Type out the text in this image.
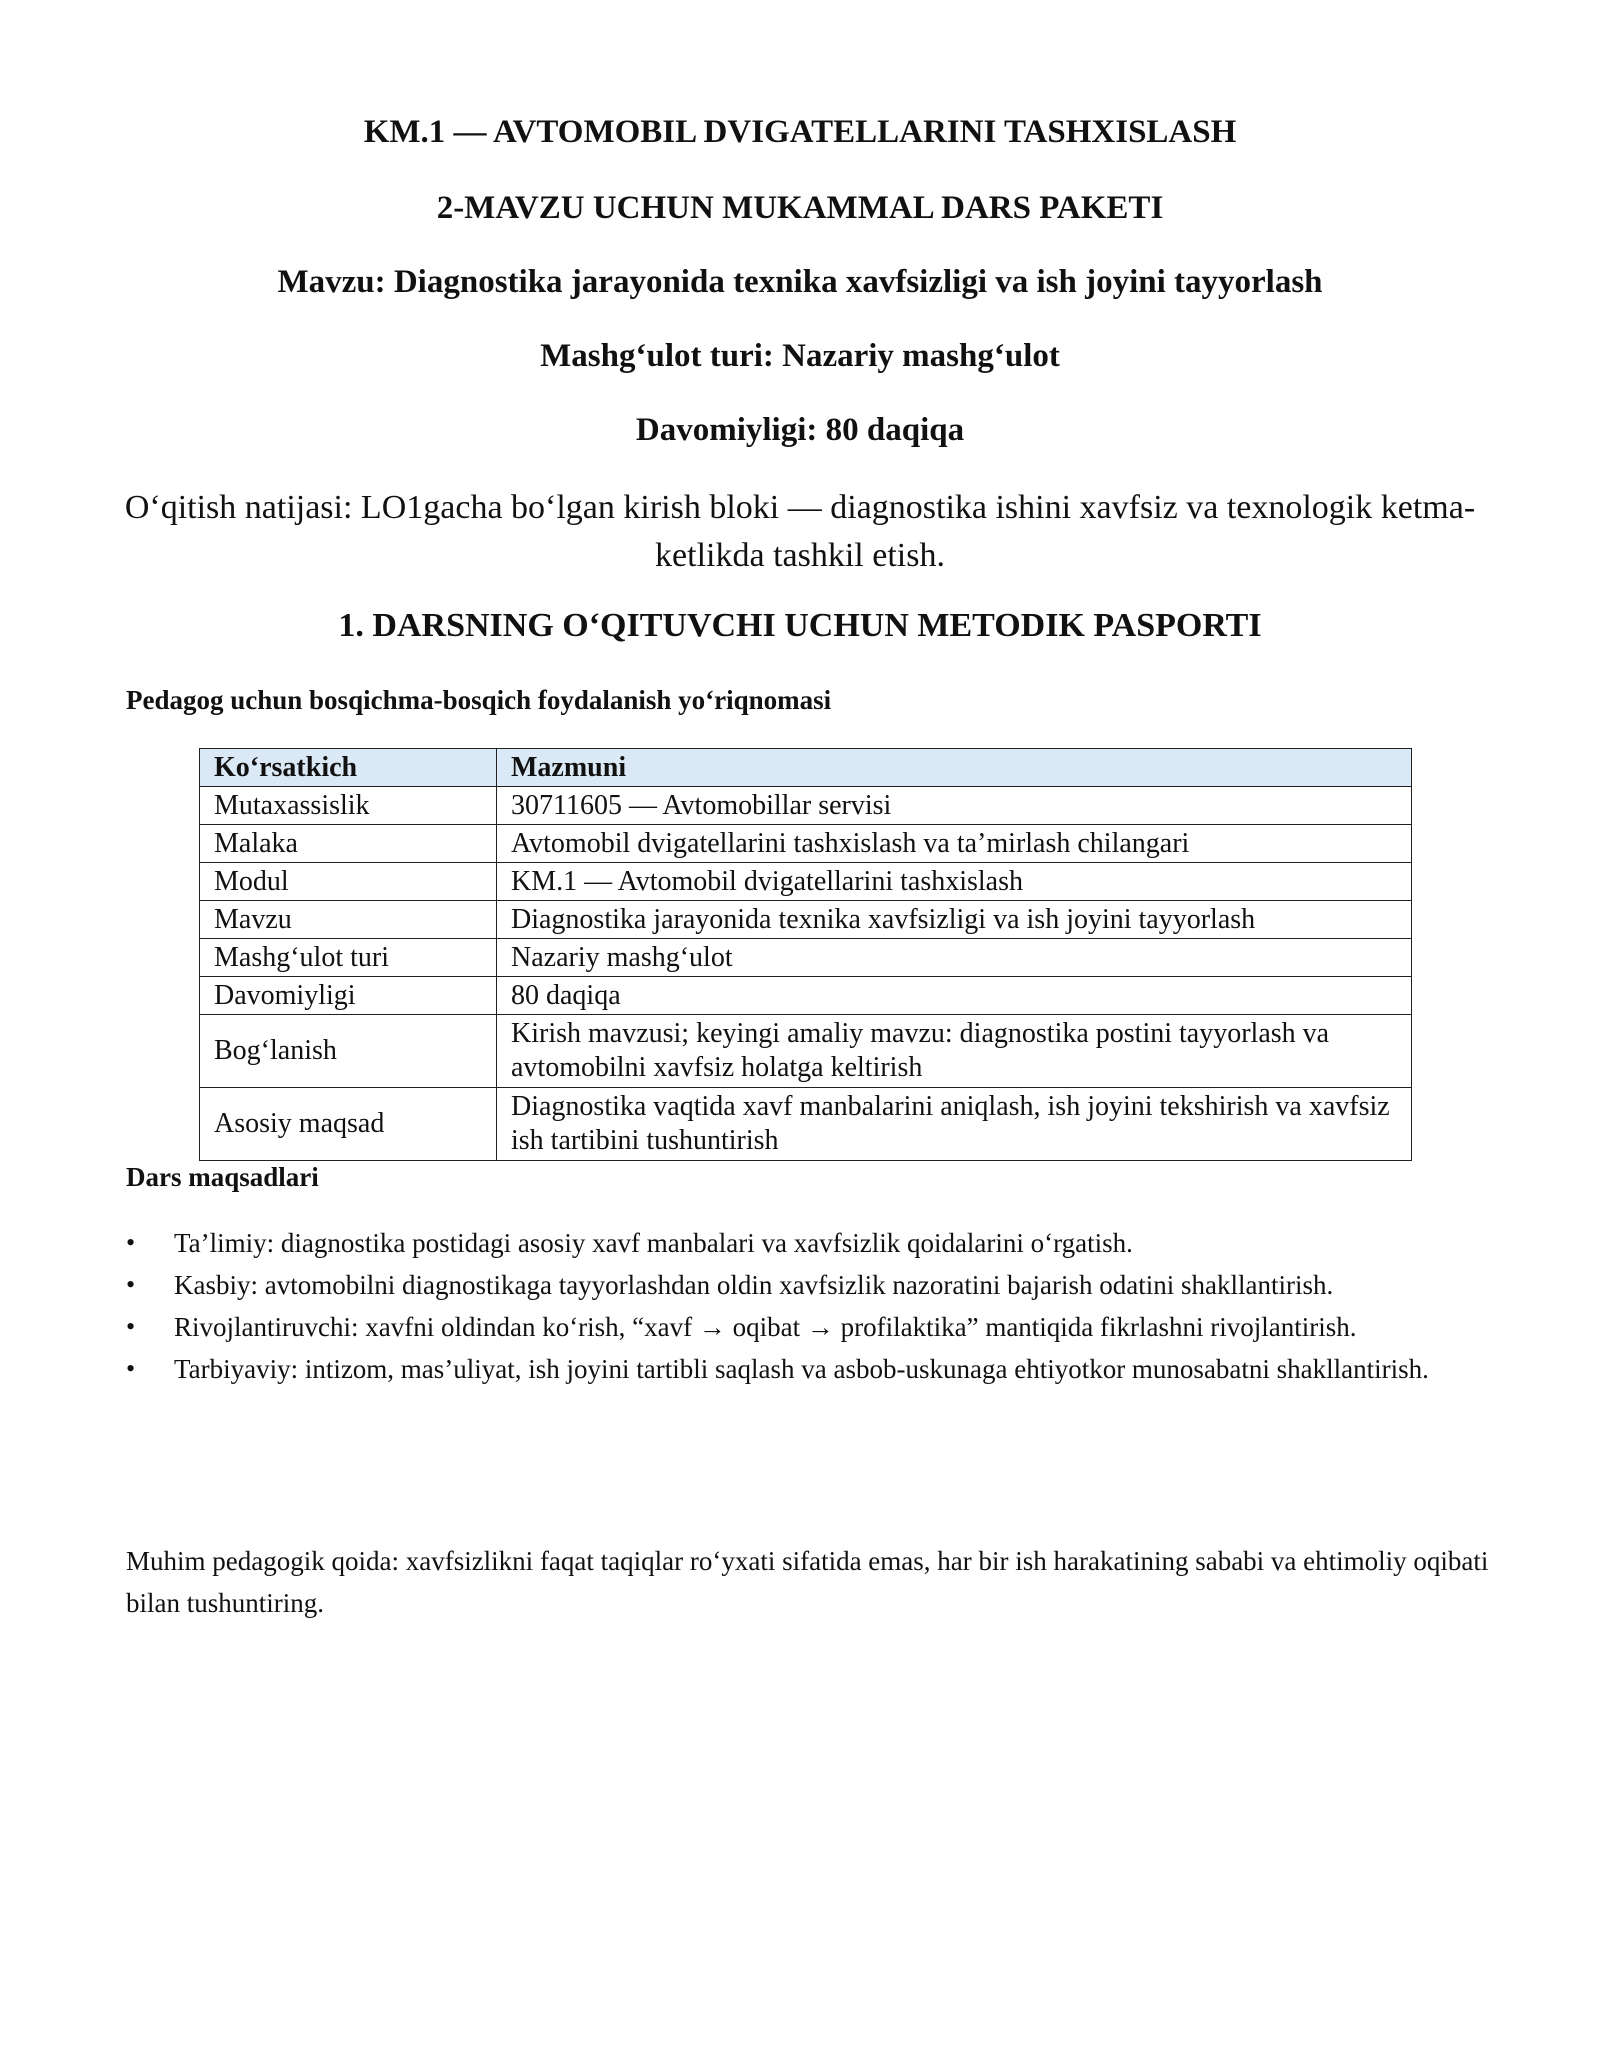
KM.1 — AVTOMOBIL DVIGATELLARINI TASHXISLASH
2-MAVZU UCHUN MUKAMMAL DARS PAKETI
Mavzu: Diagnostika jarayonida texnika xavfsizligi va ish joyini tayyorlash
Mashg‘ulot turi: Nazariy mashg‘ulot
Davomiyligi: 80 daqiqa
O‘qitish natijasi: LO1gacha bo‘lgan kirish bloki — diagnostika ishini xavfsiz va texnologik ketma-ketlikda tashkil etish.
1. DARSNING O‘QITUVCHI UCHUN METODIK PASPORTI
Pedagog uchun bosqichma-bosqich foydalanish yo‘riqnomasi
Ko‘rsatkich	Mazmuni
Mutaxassislik	30711605 — Avtomobillar servisi
Malaka	Avtomobil dvigatellarini tashxislash va ta’mirlash chilangari
Modul	KM.1 — Avtomobil dvigatellarini tashxislash
Mavzu	Diagnostika jarayonida texnika xavfsizligi va ish joyini tayyorlash
Mashg‘ulot turi	Nazariy mashg‘ulot
Davomiyligi	80 daqiqa
Bog‘lanish	Kirish mavzusi; keyingi amaliy mavzu: diagnostika postini tayyorlash va avtomobilni xavfsiz holatga keltirish
Asosiy maqsad	Diagnostika vaqtida xavf manbalarini aniqlash, ish joyini tekshirish va xavfsiz ish tartibini tushuntirish
Dars maqsadlari
• Ta’limiy: diagnostika postidagi asosiy xavf manbalari va xavfsizlik qoidalarini o‘rgatish.
• Kasbiy: avtomobilni diagnostikaga tayyorlashdan oldin xavfsizlik nazoratini bajarish odatini shakllantirish.
• Rivojlantiruvchi: xavfni oldindan ko‘rish, “xavf → oqibat → profilaktika” mantiqida fikrlashni rivojlantirish.
• Tarbiyaviy: intizom, mas’uliyat, ish joyini tartibli saqlash va asbob-uskunaga ehtiyotkor munosabatni shakllantirish.
Muhim pedagogik qoida: xavfsizlikni faqat taqiqlar ro‘yxati sifatida emas, har bir ish harakatining sababi va ehtimoliy oqibati bilan tushuntiring.
